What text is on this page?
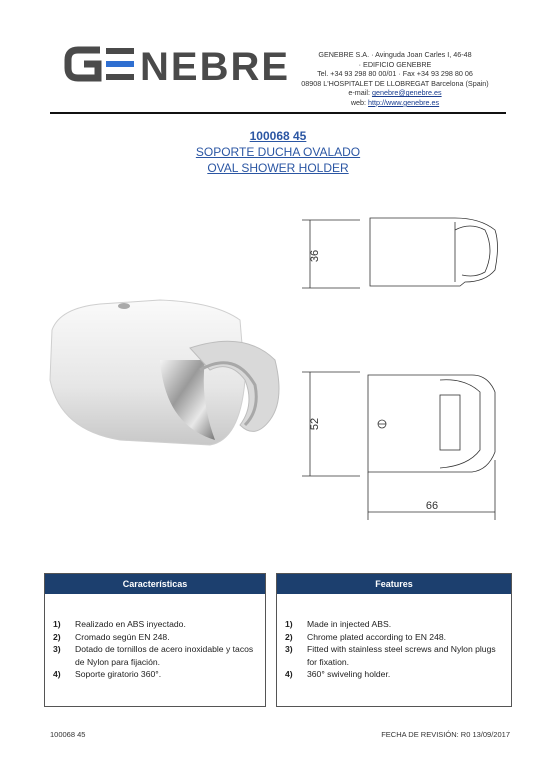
NEBRE	GENEBRE S.A. · Avinguda Joan Carles I, 46-48
· EDIFICIO GENEBRE
Tel. +34 93 298 80 00/01 · Fax +34 93 298 80 06
08908 L'HOSPITALET DE LLOBREGAT Barcelona (Spain)
e-mail: genebre@genebre.es
web: http://www.genebre.es
100068 45
SOPORTE DUCHA OVALADO
OVAL SHOWER HOLDER
36
52
66
Características
1)	Realizado en ABS inyectado.
2)	Cromado según EN 248.
3)	Dotado de tornillos de acero inoxidable y tacos de Nylon para fijación.
4)	Soporte giratorio 360°.
Features
1)	Made in injected ABS.
2)	Chrome plated according to EN 248.
3)	Fitted with stainless steel screws and Nylon plugs for fixation.
4)	360° swiveling holder.
100068 45	FECHA DE REVISIÓN: R0 13/09/2017
